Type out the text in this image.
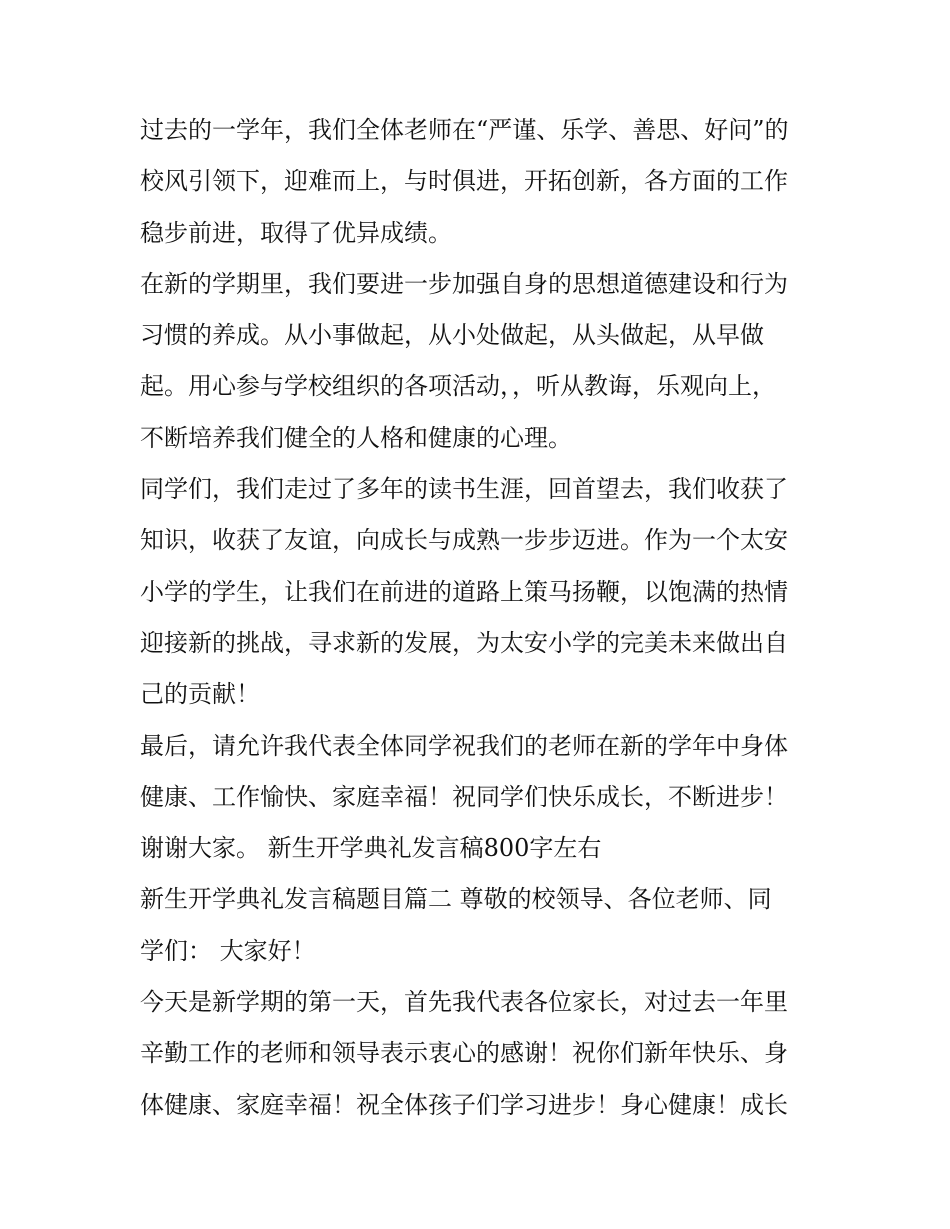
过去的一学年，我们全体老师在“严谨、乐学、善思、好问”的
校风引领下，迎难而上，与时俱进，开拓创新，各方面的工作
稳步前进，取得了优异成绩。
在新的学期里，我们要进一步加强自身的思想道德建设和行为
习惯的养成。从小事做起，从小处做起，从头做起，从早做
起。用心参与学校组织的各项活动，，听从教诲，乐观向上，
不断培养我们健全的人格和健康的心理。
同学们，我们走过了多年的读书生涯，回首望去，我们收获了
知识，收获了友谊，向成长与成熟一步步迈进。作为一个太安
小学的学生，让我们在前进的道路上策马扬鞭，以饱满的热情
迎接新的挑战，寻求新的发展，为太安小学的完美未来做出自
己的贡献！
最后，请允许我代表全体同学祝我们的老师在新的学年中身体
健康、工作愉快、家庭幸福！祝同学们快乐成长，不断进步！
谢谢大家。 新生开学典礼发言稿800字左右
新生开学典礼发言稿题目篇二 尊敬的校领导、各位老师、同
学们： 大家好！
今天是新学期的第一天，首先我代表各位家长，对过去一年里
辛勤工作的老师和领导表示衷心的感谢！祝你们新年快乐、身
体健康、家庭幸福！祝全体孩子们学习进步！身心健康！成长
